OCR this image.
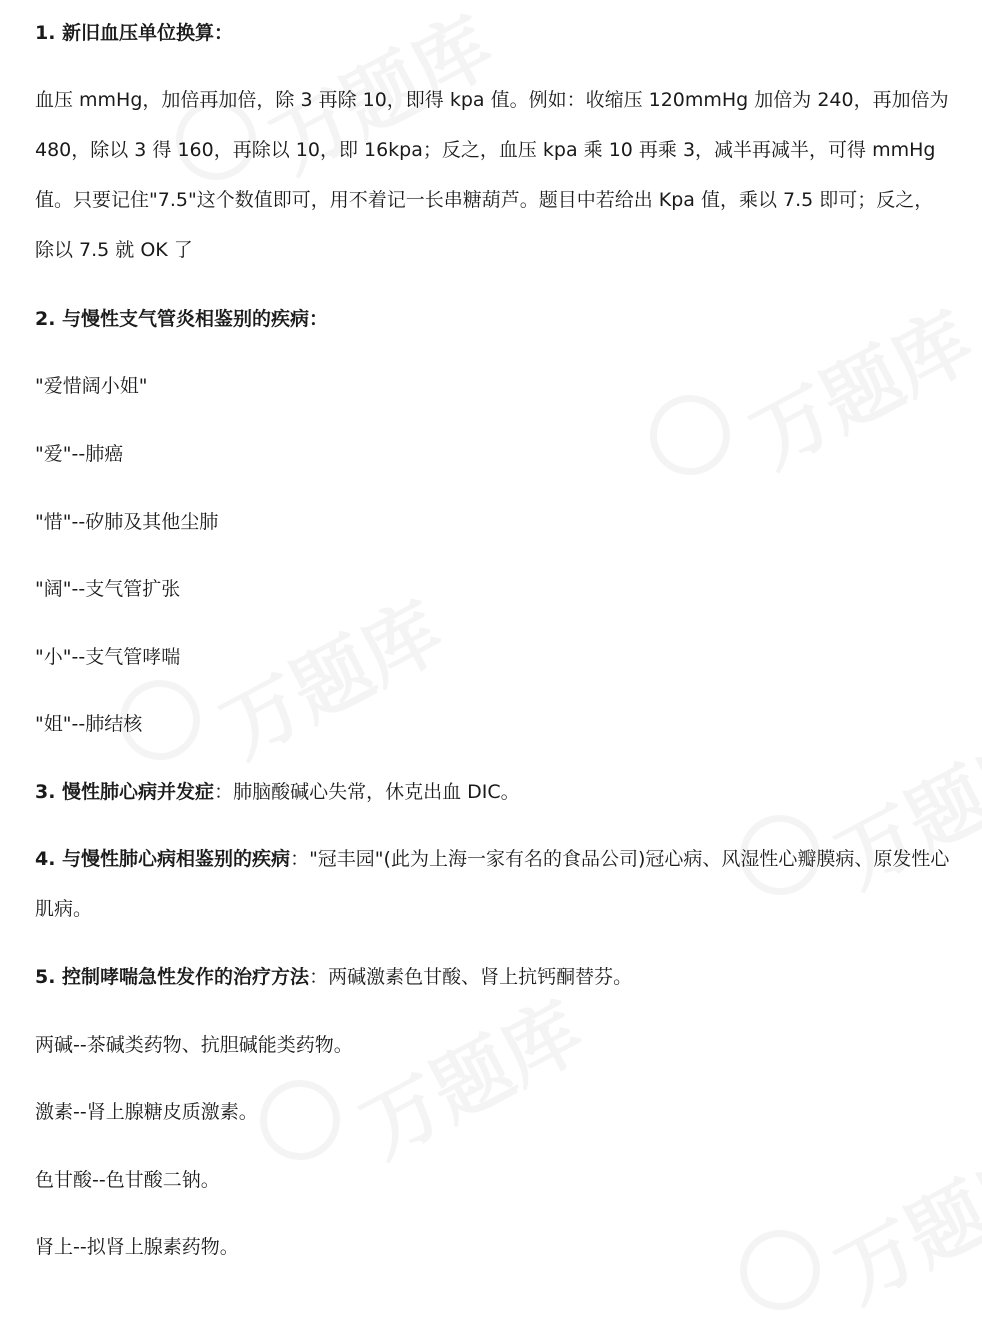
1. 新旧血压单位换算：
血压 mmHg，加倍再加倍，除 3 再除 10，即得 kpa 值。例如：收缩压 120mmHg 加倍为 240，再加倍为 480，除以 3 得 160，再除以 10，即 16kpa；反之，血压 kpa 乘 10 再乘 3，减半再减半，可得 mmHg 值。只要记住"7.5"这个数值即可，用不着记一长串糖葫芦。题目中若给出 Kpa 值，乘以 7.5 即可；反之，除以 7.5 就 OK 了
2. 与慢性支气管炎相鉴别的疾病：
"爱惜阔小姐"
"爱"--肺癌
"惜"--矽肺及其他尘肺
"阔"--支气管扩张
"小"--支气管哮喘
"姐"--肺结核
3. 慢性肺心病并发症：肺脑酸碱心失常，休克出血 DIC。
4. 与慢性肺心病相鉴别的疾病："冠丰园"(此为上海一家有名的食品公司)冠心病、风湿性心瓣膜病、原发性心肌病。
5. 控制哮喘急性发作的治疗方法：两碱激素色甘酸、肾上抗钙酮替芬。
两碱--茶碱类药物、抗胆碱能类药物。
激素--肾上腺糖皮质激素。
色甘酸--色甘酸二钠。
肾上--拟肾上腺素药物。
